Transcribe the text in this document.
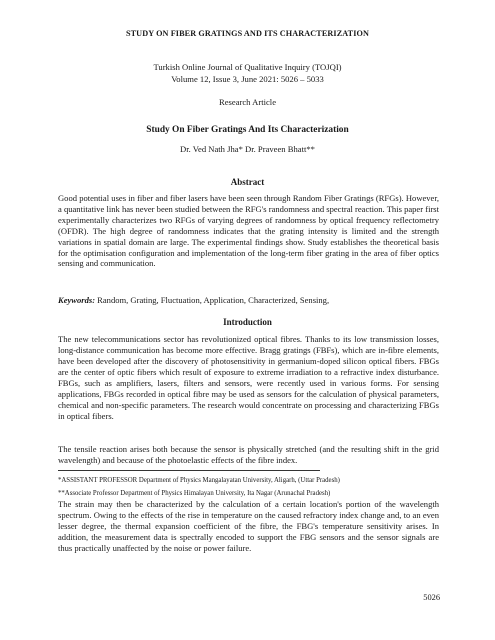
STUDY ON FIBER GRATINGS AND ITS CHARACTERIZATION
Turkish Online Journal of Qualitative Inquiry (TOJQI)
Volume 12, Issue 3, June 2021: 5026 – 5033
Research Article
Study On Fiber Gratings And Its Characterization
Dr. Ved Nath Jha* Dr. Praveen Bhatt**
Abstract

Good potential uses in fiber and fiber lasers have been seen through Random Fiber Gratings (RFGs). However, a quantitative link has never been studied between the RFG's randomness and spectral reaction. This paper first experimentally characterizes two RFGs of varying degrees of randomness by optical frequency reflectometry (OFDR). The high degree of randomness indicates that the grating intensity is limited and the strength variations in spatial domain are large. The experimental findings show. Study establishes the theoretical basis for the optimisation configuration and implementation of the long-term fiber grating in the area of fiber optics sensing and communication.

Keywords: Random, Grating, Fluctuation, Application, Characterized, Sensing,

Introduction

The new telecommunications sector has revolutionized optical fibres. Thanks to its low transmission losses, long-distance communication has become more effective. Bragg gratings (FBFs), which are in-fibre elements, have been developed after the discovery of photosensitivity in germanium-doped silicon optical fibers. FBGs are the center of optic fibers which result of exposure to extreme irradiation to a refractive index disturbance. FBGs, such as amplifiers, lasers, filters and sensors, were recently used in various forms. For sensing applications, FBGs recorded in optical fibre may be used as sensors for the calculation of physical parameters, chemical and non-specific parameters. The research would concentrate on processing and characterizing FBGs in optical fibers.

The tensile reaction arises both because the sensor is physically stretched (and the resulting shift in the grid wavelength) and because of the photoelastic effects of the fibre index.

*ASSISTANT PROFESSOR Department of Physics Mangalayatan University, Aligarh, (Uttar Pradesh)
**Associate Professor Department of Physics Himalayan University, Ita Nagar (Arunachal Pradesh)

The strain may then be characterized by the calculation of a certain location's portion of the wavelength spectrum. Owing to the effects of the rise in temperature on the caused refractory index change and, to an even lesser degree, the thermal expansion coefficient of the fibre, the FBG's temperature sensitivity arises. In addition, the measurement data is spectrally encoded to support the FBG sensors and the sensor signals are thus practically unaffected by the noise or power failure.

5026
